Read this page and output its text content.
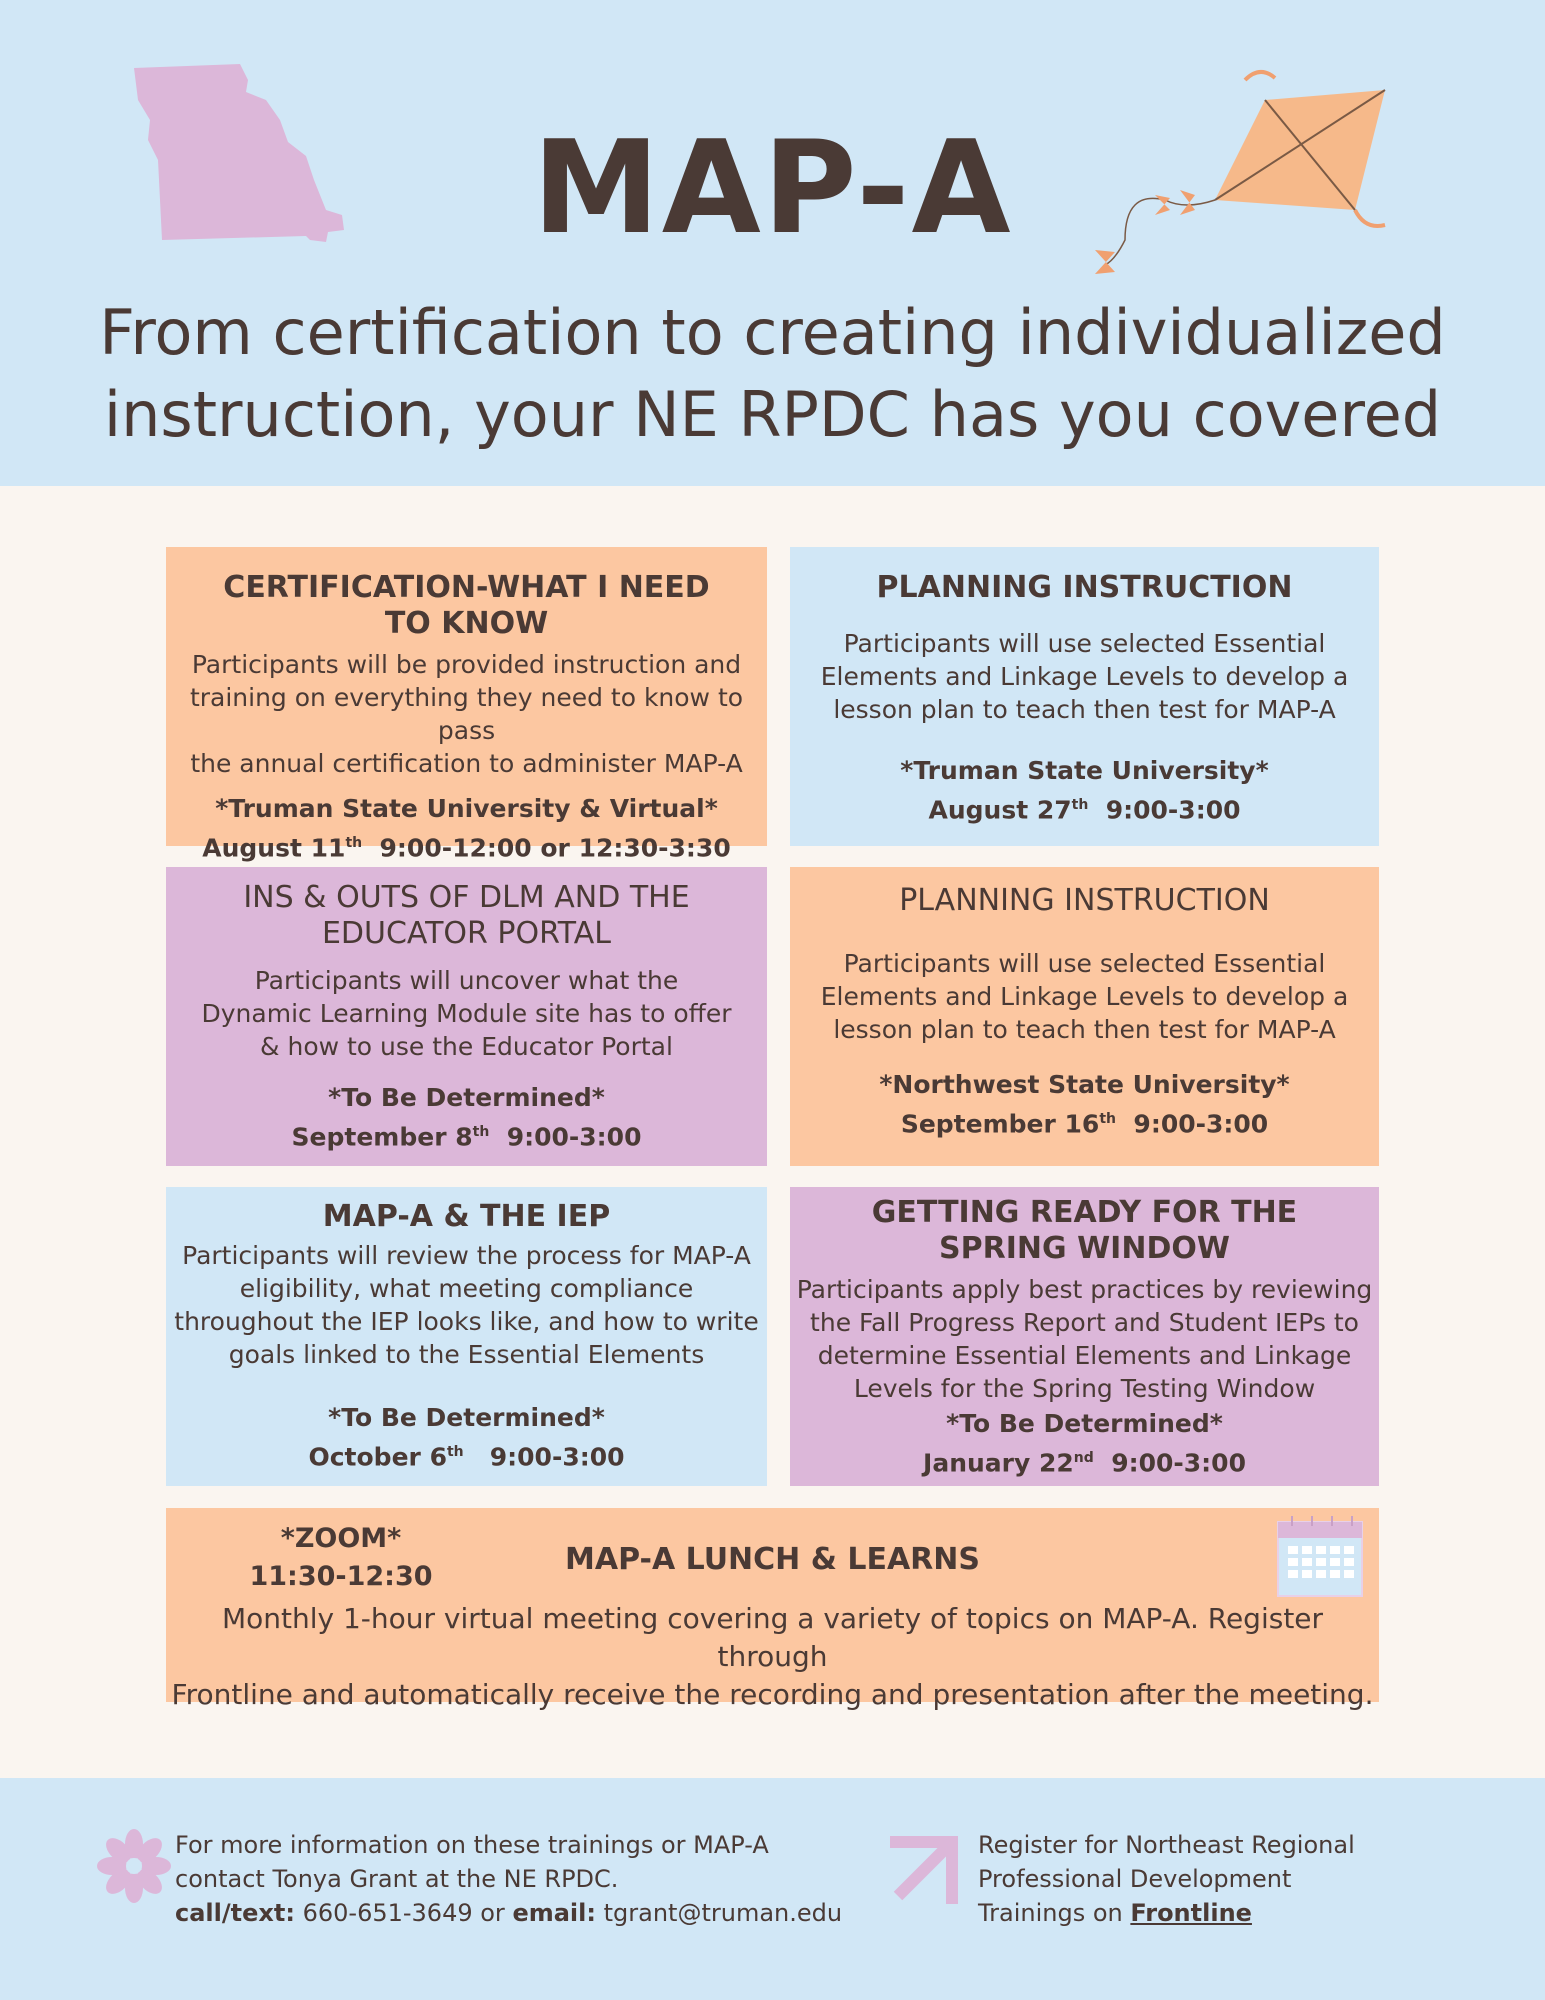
MAP-A
From certification to creating individualized
instruction, your NE RPDC has you covered
CERTIFICATION-WHAT I NEED
TO KNOW

Participants will be provided instruction and
training on everything they need to know to pass
the annual certification to administer MAP-A

*Truman State University & Virtual*
August 11th 9:00-12:00 or 12:30-3:30
PLANNING INSTRUCTION

Participants will use selected Essential
Elements and Linkage Levels to develop a
lesson plan to teach then test for MAP-A

*Truman State University*
August 27th 9:00-3:00
INS & OUTS OF DLM AND THE
EDUCATOR PORTAL

Participants will uncover what the
Dynamic Learning Module site has to offer
& how to use the Educator Portal

*To Be Determined*
September 8th 9:00-3:00
PLANNING INSTRUCTION

Participants will use selected Essential
Elements and Linkage Levels to develop a
lesson plan to teach then test for MAP-A

*Northwest State University*
September 16th 9:00-3:00
MAP-A & THE IEP

Participants will review the process for MAP-A
eligibility, what meeting compliance
throughout the IEP looks like, and how to write
goals linked to the Essential Elements

*To Be Determined*
October 6th 9:00-3:00
GETTING READY FOR THE
SPRING WINDOW

Participants apply best practices by reviewing
the Fall Progress Report and Student IEPs to
determine Essential Elements and Linkage
Levels for the Spring Testing Window

*To Be Determined*
January 22nd 9:00-3:00
*ZOOM*
11:30-12:30	MAP-A LUNCH & LEARNS

Monthly 1-hour virtual meeting covering a variety of topics on MAP-A. Register through
Frontline and automatically receive the recording and presentation after the meeting.

For more information on these trainings or MAP-A
contact Tonya Grant at the NE RPDC.
call/text: 660-651-3649 or email: tgrant@truman.edu
Register for Northeast Regional
Professional Development
Trainings on Frontline
